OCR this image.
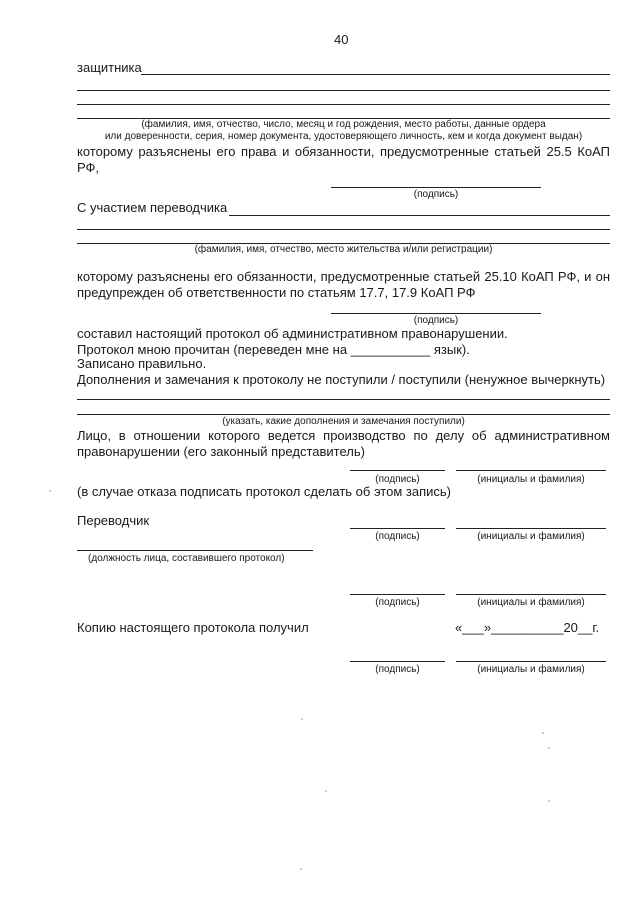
40
защитника
(фамилия, имя, отчество, число, месяц и год рождения, место работы, данные ордера
или доверенности, серия, номер документа, удостоверяющего личность, кем и когда документ выдан)
которому разъяснены его права и обязанности, предусмотренные статьей 25.5 КоАП
РФ,
(подпись)
С участием переводчика
(фамилия, имя, отчество, место жительства и/или регистрации)
которому разъяснены его обязанности, предусмотренные статьей 25.10 КоАП РФ, и он
предупрежден об ответственности по статьям 17.7, 17.9 КоАП РФ
(подпись)
составил настоящий протокол об административном правонарушении.
Протокол мною прочитан (переведен мне на ___________ язык).
Записано правильно.
Дополнения и замечания к протоколу не поступили / поступили (ненужное вычеркнуть)
(указать, какие дополнения и замечания поступили)
Лицо, в отношении которого ведется производство по делу об административном
правонарушении (его законный представитель)
(подпись)	(инициалы и фамилия)
(в случае отказа подписать протокол сделать об этом запись)
Переводчик
(подпись)	(инициалы и фамилия)
(должность лица, составившего протокол)
(подпись)	(инициалы и фамилия)
Копию настоящего протокола получил	«___»__________20__г.
(подпись)	(инициалы и фамилия)
